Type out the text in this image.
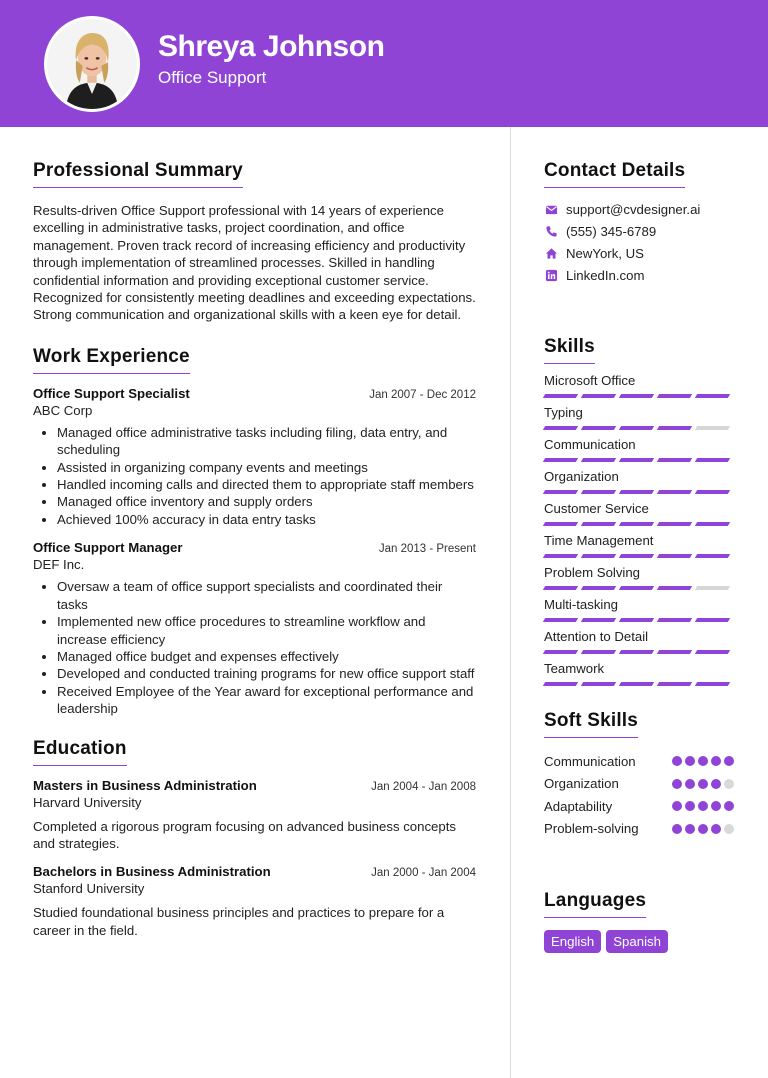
Shreya Johnson
Office Support
Professional Summary

Results-driven Office Support professional with 14 years of experience excelling in administrative tasks, project coordination, and office management. Proven track record of increasing efficiency and productivity through implementation of streamlined processes. Skilled in handling confidential information and providing exceptional customer service. Recognized for consistently meeting deadlines and exceeding expectations. Strong communication and organizational skills with a keen eye for detail.

Work Experience
Office Support Specialist	Jan 2007 - Dec 2012
ABC Corp
• Managed office administrative tasks including filing, data entry, and scheduling
• Assisted in organizing company events and meetings
• Handled incoming calls and directed them to appropriate staff members
• Managed office inventory and supply orders
• Achieved 100% accuracy in data entry tasks
Office Support Manager	Jan 2013 - Present
DEF Inc.
• Oversaw a team of office support specialists and coordinated their tasks
• Implemented new office procedures to streamline workflow and increase efficiency
• Managed office budget and expenses effectively
• Developed and conducted training programs for new office support staff
• Received Employee of the Year award for exceptional performance and leadership
Education
Masters in Business Administration	Jan 2004 - Jan 2008
Harvard University
Completed a rigorous program focusing on advanced business concepts and strategies.
Bachelors in Business Administration	Jan 2000 - Jan 2004
Stanford University
Studied foundational business principles and practices to prepare for a career in the field.
Contact Details
support@cvdesigner.ai
(555) 345-6789
NewYork, US
LinkedIn.com
Skills
Microsoft Office
Typing
Communication
Organization
Customer Service
Time Management
Problem Solving
Multi-tasking
Attention to Detail
Teamwork
Soft Skills
Communication
Organization
Adaptability
Problem-solving
Languages
English	Spanish
